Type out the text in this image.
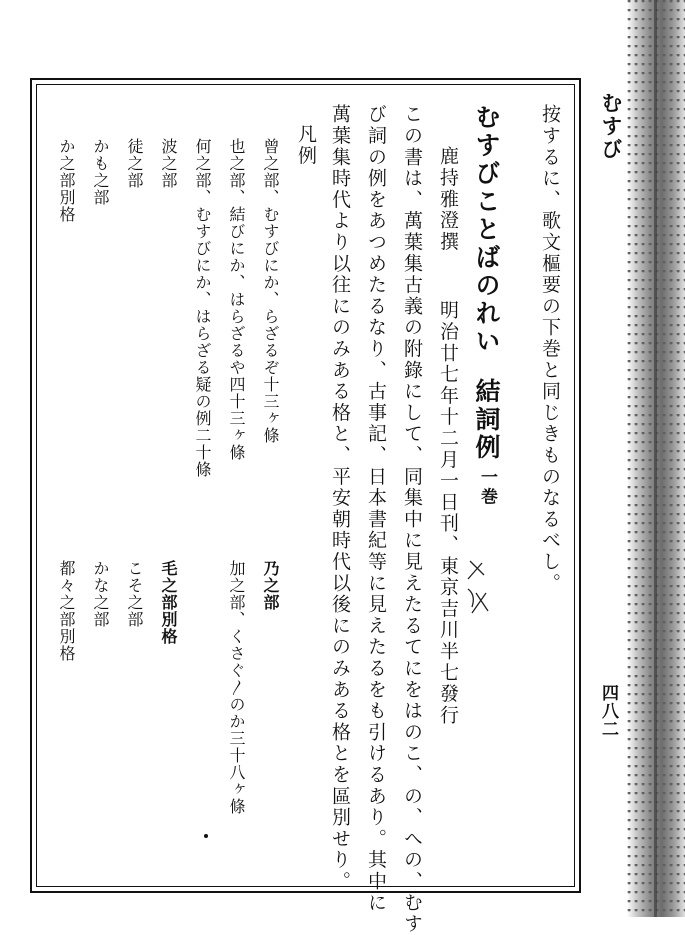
むすび
四八二
按するに、歌文樞要の下巻と同じきものなるべし。
むすびことばのれい
結詞例
一巻
鹿持雅澄撰
明治廿七年十二月一日刊、東京吉川半七發行
この書は、萬葉集古義の附錄にして、同集中に見えたるてにをはのこ、の、への、むす
び詞の例をあつめたるなり、古事記、日本書紀等に見えたるをも引けるあり。其中に
萬葉集時代より以往にのみある格と、平安朝時代以後にのみある格とを區別せり。
凡例
曾之部、むすびにか、らざるぞ十三ヶ條
乃之部
也之部、結びにか、はらざるや四十三ヶ條
加之部、くさぐ〳のか三十八ヶ條
何之部、むすびにか、はらざる疑の例二十條
波之部
毛之部別格
徒之部
こそ之部
かも之部
かな之部
か之部別格
都々之部別格
